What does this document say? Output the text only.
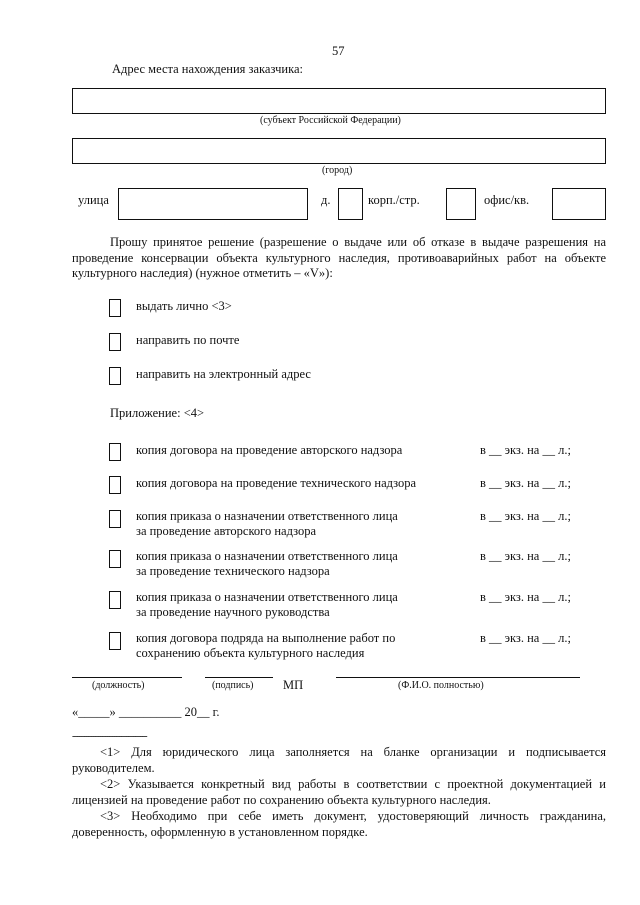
57
Адрес места нахождения заказчика:
(субъект Российской Федерации)
(город)
улица	д.	корп./стр.	офис/кв.
Прошу принятое решение (разрешение о выдаче или об отказе в выдаче разрешения на проведение консервации объекта культурного наследия, противоаварийных работ на объекте культурного наследия) (нужное отметить – «V»):
выдать лично <3>
направить по почте
направить на электронный адрес
Приложение: <4>
копия договора на проведение авторского надзора	в __ экз. на __ л.;
копия договора на проведение технического надзора	в __ экз. на __ л.;
копия приказа о назначении ответственного лица
за проведение авторского надзора
в __ экз. на __ л.;
копия приказа о назначении ответственного лица
за проведение технического надзора
в __ экз. на __ л.;
копия приказа о назначении ответственного лица
за проведение научного руководства
в __ экз. на __ л.;
копия договора подряда на выполнение работ по
сохранению объекта культурного наследия
в __ экз. на __ л.;
(должность)	(подпись) МП	(Ф.И.О. полностью)
«_____» __________ 20__ г.
--------------------------------
<1> Для юридического лица заполняется на бланке организации и подписывается руководителем.
<2> Указывается конкретный вид работы в соответствии с проектной документацией и лицензией на проведение работ по сохранению объекта культурного наследия.
<3> Необходимо при себе иметь документ, удостоверяющий личность гражданина, доверенность, оформленную в установленном порядке.
